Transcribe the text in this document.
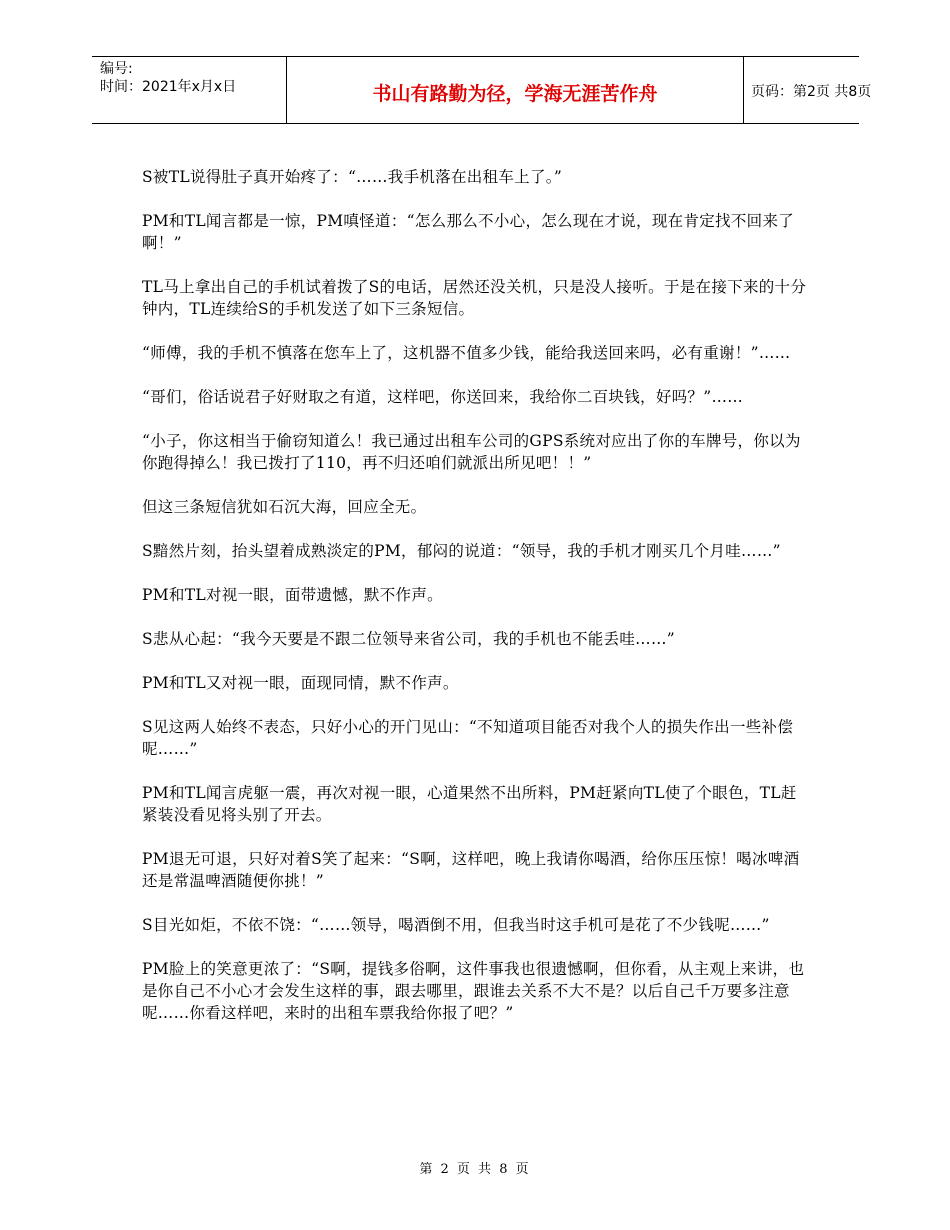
编号:
时间：2021年x月x日	书山有路勤为径，学海无涯苦作舟	页码：第2页 共8页

S被TL说得肚子真开始疼了：“……我手机落在出租车上了。”

PM和TL闻言都是一惊，PM嗔怪道：“怎么那么不小心，怎么现在才说，现在肯定找不回来了啊！”

TL马上拿出自己的手机试着拨了S的电话，居然还没关机，只是没人接听。于是在接下来的十分钟内，TL连续给S的手机发送了如下三条短信。

“师傅，我的手机不慎落在您车上了，这机器不值多少钱，能给我送回来吗，必有重谢！”……

“哥们，俗话说君子好财取之有道，这样吧，你送回来，我给你二百块钱，好吗？”……

“小子，你这相当于偷窃知道么！我已通过出租车公司的GPS系统对应出了你的车牌号，你以为你跑得掉么！我已拨打了110，再不归还咱们就派出所见吧！！”

但这三条短信犹如石沉大海，回应全无。

S黯然片刻，抬头望着成熟淡定的PM，郁闷的说道：“领导，我的手机才刚买几个月哇……”

PM和TL对视一眼，面带遗憾，默不作声。

S悲从心起：“我今天要是不跟二位领导来省公司，我的手机也不能丢哇……”

PM和TL又对视一眼，面现同情，默不作声。

S见这两人始终不表态，只好小心的开门见山：“不知道项目能否对我个人的损失作出一些补偿呢……”

PM和TL闻言虎躯一震，再次对视一眼，心道果然不出所料，PM赶紧向TL使了个眼色，TL赶紧装没看见将头别了开去。

PM退无可退，只好对着S笑了起来：“S啊，这样吧，晚上我请你喝酒，给你压压惊！喝冰啤酒还是常温啤酒随便你挑！”

S目光如炬，不依不饶：“……领导，喝酒倒不用，但我当时这手机可是花了不少钱呢……”

PM脸上的笑意更浓了：“S啊，提钱多俗啊，这件事我也很遗憾啊，但你看，从主观上来讲，也是你自己不小心才会发生这样的事，跟去哪里，跟谁去关系不大不是？以后自己千万要多注意呢……你看这样吧，来时的出租车票我给你报了吧？”

第 2 页 共 8 页
